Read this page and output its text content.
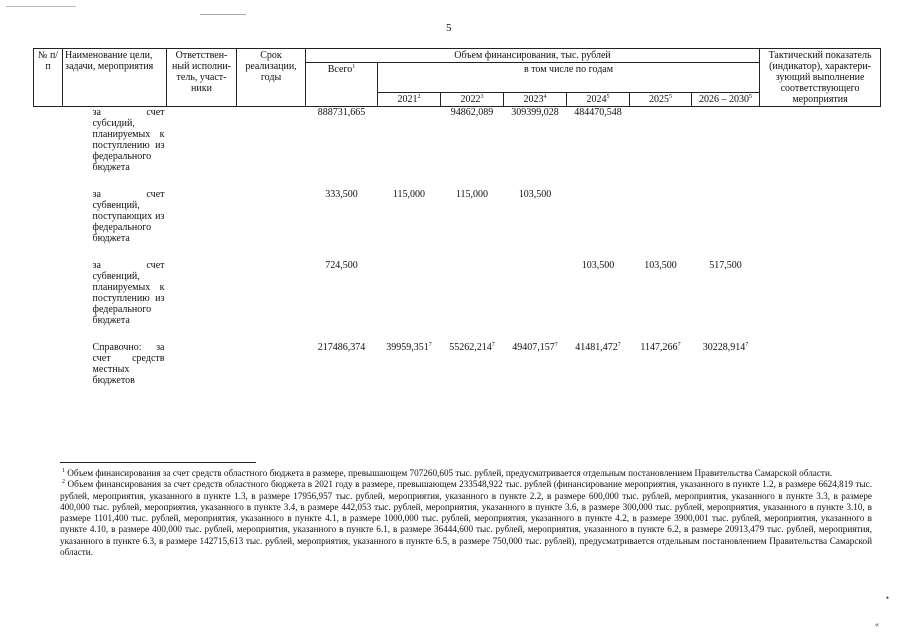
5
№ п/п	Наименование цели, задачи, мероприятия	Ответствен-ный исполни-тель, участ-ники	Срок реализации, годы	Объем финансирования, тыс. рублей							Тактический показатель (индикатор), характери-зующий выполнение соответствующего мероприятия
				Всего$^1$	в том числе по годам						
					2021$^2$	2022$^3$	2023$^4$	2024$^5$	2025$^5$	2026 – 2030$^5$
	за счет субсидий, планируемых к поступлению из федерального бюджета			888731,665		94862,089	309399,028	484470,548			
	за счет субвенций, поступающих из федерального бюджета			333,500	115,000	115,000	103,500				
	за счет субвенций, планируемых к поступлению из федерального бюджета			724,500				103,500	103,500	517,500	
	Справочно: за счет средств местных бюджетов			217486,374	39959,351$^7$	55262,214$^7$	49407,157$^7$	41481,472$^7$	1147,266$^7$	30228,914$^7$	

$^1$ Объем финансирования за счет средств областного бюджета в размере, превышающем 707260,605 тыс. рублей, предусматривается отдельным постановлением Правительства Самарской области.

$^2$ Объем финансирования за счет средств областного бюджета в 2021 году в размере, превышающем 233548,922 тыс. рублей (финансирование мероприятия, указанного в пункте 1.2, в размере 6624,819 тыс. рублей, мероприятия, указанного в пункте 1.3, в размере 17956,957 тыс. рублей, мероприятия, указанного в пункте 2.2, в размере 600,000 тыс. рублей, мероприятия, указанного в пункте 3.3, в размере 400,000 тыс. рублей, мероприятия, указанного в пункте 3.4, в размере 442,053 тыс. рублей, мероприятия, указанного в пункте 3.6, в размере 300,000 тыс. рублей, мероприятия, указанного в пункте 3.10, в размере 1101,400 тыс. рублей, мероприятия, указанного в пункте 4.1, в размере 1000,000 тыс. рублей, мероприятия, указанного в пункте 4.2, в размере 3900,001 тыс. рублей, мероприятия, указанного в пункте 4.10, в размере 400,000 тыс. рублей, мероприятия, указанного в пункте 6.1, в размере 36444,600 тыс. рублей, мероприятия, указанного в пункте 6.2, в размере 20913,479 тыс. рублей, мероприятия, указанного в пункте 6.3, в размере 142715,613 тыс. рублей, мероприятия, указанного в пункте 6.5, в размере 750,000 тыс. рублей), предусматривается отдельным постановлением Правительства Самарской области.

•
«
